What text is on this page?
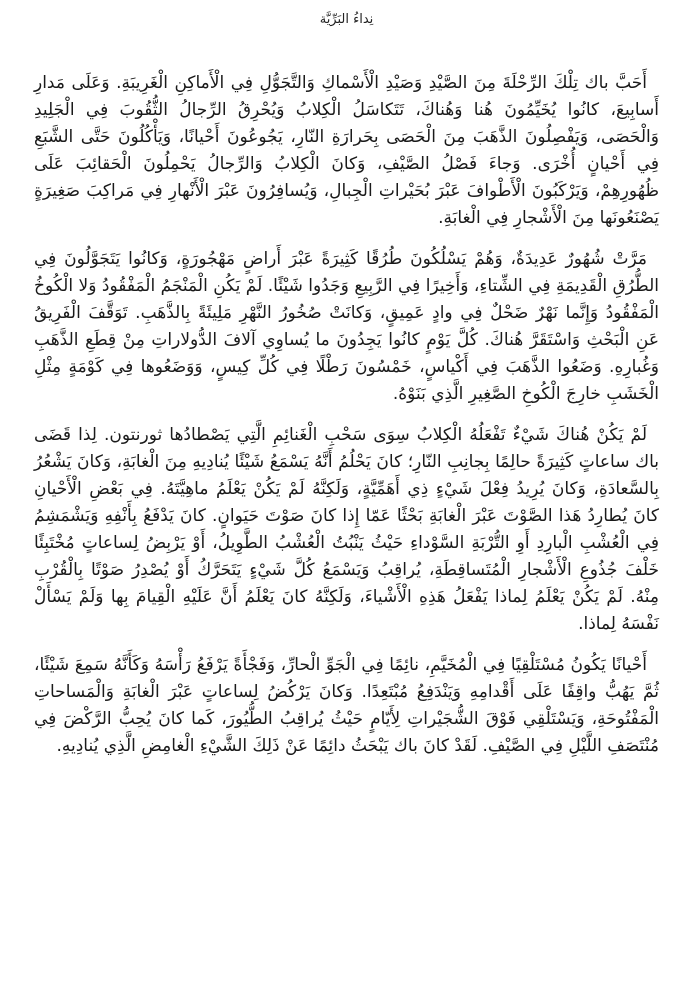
نِداءُ البَرِّيَّة

أَحَبَّ باك تِلْكَ الرِّحْلَةَ مِنَ الصَّيْدِ وَصَيْدِ الْأَسْماكِ وَالتَّجَوُّلِ فِي الْأَماكِنِ الْغَرِيبَةِ. وَعَلَى مَدارِ أَسابِيعَ، كانُوا يُخَيِّمُونَ هُنا وَهُناكَ، تَتَكاسَلُ الْكِلابُ وَيُحْرِقُ الرِّجالُ الثُّقُوبَ فِي الْجَلِيدِ وَالْحَصَى، وَيَفْصِلُونَ الذَّهَبَ مِنَ الْحَصَى بِحَرارَةِ النّارِ، يَجُوعُونَ أَحْيانًا، وَيَأْكُلُونَ حَتَّى الشَّبَعِ فِي أَحْيانٍ أُخْرَى. وَجاءَ فَصْلُ الصَّيْفِ، وَكانَ الْكِلابُ وَالرِّجالُ يَحْمِلُونَ الْحَقائِبَ عَلَى ظُهُورِهِمْ، وَيَرْكَبُونَ الْأَطْوافَ عَبْرَ بُحَيْراتِ الْجِبالِ، وَيُسافِرُونَ عَبْرَ الْأَنْهارِ فِي مَراكِبَ صَغِيرَةٍ يَصْنَعُونَها مِنَ الْأَشْجارِ فِي الْغابَةِ.

مَرَّتْ شُهُورٌ عَدِيدَةٌ، وَهُمْ يَسْلُكُونَ طُرُقًا كَثِيرَةً عَبْرَ أَراضٍ مَهْجُورَةٍ، وَكانُوا يَتَجَوَّلُونَ فِي الطُّرُقِ الْقَدِيمَةِ فِي الشِّتاءِ، وَأَخِيرًا فِي الرَّبِيعِ وَجَدُوا شَيْئًا. لَمْ يَكُنِ الْمَنْجَمُ الْمَفْقُودُ وَلا الْكُوخُ الْمَفْقُودُ وَإِنَّما نَهْرٌ ضَحْلٌ فِي وادٍ عَمِيقٍ، وَكانَتْ صُخُورُ النَّهْرِ مَلِيئَةً بِالذَّهَبِ. تَوَقَّفَ الْفَرِيقُ عَنِ الْبَحْثِ وَاسْتَقَرَّ هُناكَ. كُلَّ يَوْمٍ كانُوا يَجِدُونَ ما يُساوِي آلافَ الدُّولاراتِ مِنْ قِطَعِ الذَّهَبِ وَغُبارِهِ. وَضَعُوا الذَّهَبَ فِي أَكْياسٍ، خَمْسُونَ رَطْلًا فِي كُلِّ كِيسٍ، وَوَضَعُوها فِي كَوْمَةٍ مِثْلِ الْخَشَبِ خارِجَ الْكُوخِ الصَّغِيرِ الَّذِي بَنَوْهُ.

لَمْ يَكُنْ هُناكَ شَيْءٌ تَفْعَلُهُ الْكِلابُ سِوَى سَحْبِ الْغَنائِمِ الَّتِي يَصْطادُها ثورنتون. لِذا قَضَى باك ساعاتٍ كَثِيرَةً حالِمًا بِجانِبِ النّارِ؛ كانَ يَحْلُمُ أَنَّهُ يَسْمَعُ شَيْئًا يُنادِيهِ مِنَ الْغابَةِ، وَكانَ يَشْعُرُ بِالسَّعادَةِ، وَكانَ يُرِيدُ فِعْلَ شَيْءٍ ذِي أَهَمِّيَّةٍ، وَلَكِنَّهُ لَمْ يَكُنْ يَعْلَمُ ماهِيَّتَهُ. فِي بَعْضِ الْأَحْيانِ كانَ يُطارِدُ هَذا الصَّوْتَ عَبْرَ الْغابَةِ بَحْثًا عَمّا إِذا كانَ صَوْتَ حَيَوانٍ. كانَ يَدْفَعُ بِأَنْفِهِ وَيَشْمَشِمُ فِي الْعُشْبِ الْبارِدِ أَوِ التُّرْبَةِ السَّوْداءِ حَيْثُ يَنْبُتُ الْعُشْبُ الطَّوِيلُ، أَوْ يَرْبِضُ لِساعاتٍ مُخْتَبِئًا خَلْفَ جُذُوعِ الْأَشْجارِ الْمُتَساقِطَةِ، يُراقِبُ وَيَسْمَعُ كُلَّ شَيْءٍ يَتَحَرَّكُ أَوْ يُصْدِرُ صَوْتًا بِالْقُرْبِ مِنْهُ. لَمْ يَكُنْ يَعْلَمُ لِماذا يَفْعَلُ هَذِهِ الْأَشْياءَ، وَلَكِنَّهُ كانَ يَعْلَمُ أَنَّ عَلَيْهِ الْقِيامَ بِها وَلَمْ يَسْأَلْ نَفْسَهُ لِماذا.

أَحْيانًا يَكُونُ مُسْتَلْقِيًا فِي الْمُخَيَّمِ، نائِمًا فِي الْجَوِّ الْحارِّ، وَفَجْأَةً يَرْفَعُ رَأْسَهُ وَكَأَنَّهُ سَمِعَ شَيْئًا، ثُمَّ يَهُبُّ واقِفًا عَلَى أَقْدامِهِ وَيَنْدَفِعُ مُبْتَعِدًا. وَكانَ يَرْكُضُ لِساعاتٍ عَبْرَ الْغابَةِ وَالْمَساحاتِ الْمَفْتُوحَةِ، وَيَسْتَلْقِي فَوْقَ الشُّجَيْراتِ لِأَيّامٍ حَيْثُ يُراقِبُ الطُّيُورَ، كَما كانَ يُحِبُّ الرَّكْضَ فِي مُنْتَصَفِ اللَّيْلِ فِي الصَّيْفِ. لَقَدْ كانَ باك يَبْحَثُ دائِمًا عَنْ ذَلِكَ الشَّيْءِ الْغامِضِ الَّذِي يُنادِيهِ.
